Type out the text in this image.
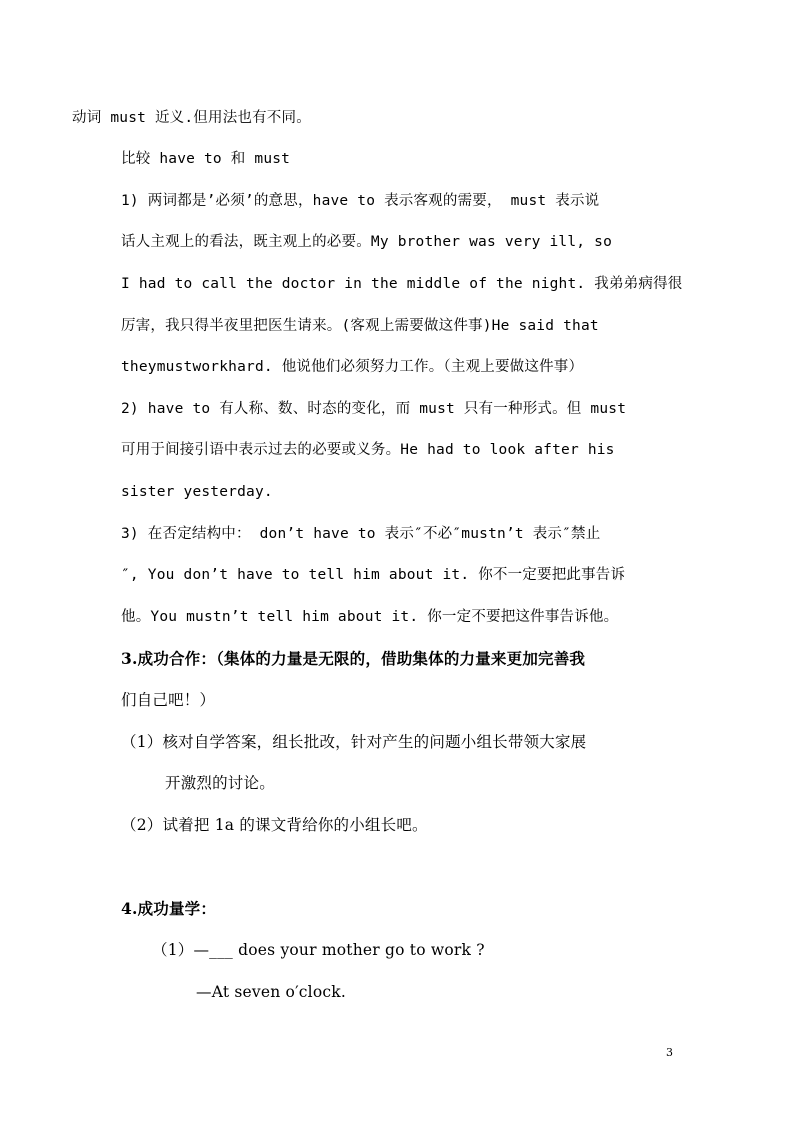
动词 must 近义.但用法也有不同。
比较 have to 和 must
1) 两词都是’必须’的意思，have to 表示客观的需要， must 表示说
话人主观上的看法，既主观上的必要。My brother was very ill, so
I had to call the doctor in the middle of the night. 我弟弟病得很
厉害，我只得半夜里把医生请来。(客观上需要做这件事)He said that
theymustworkhard. 他说他们必须努力工作。（主观上要做这件事）
2) have to 有人称、数、时态的变化，而 must 只有一种形式。但 must
可用于间接引语中表示过去的必要或义务。He had to look after his
sister yesterday.
3) 在否定结构中： don’t have to 表示″不必″mustn’t 表示″禁止
″, You don’t have to tell him about it. 你不一定要把此事告诉
他。You mustn’t tell him about it. 你一定不要把这件事告诉他。
3.成功合作：（集体的力量是无限的，借助集体的力量来更加完善我
们自己吧！）
（1）核对自学答案，组长批改，针对产生的问题小组长带领大家展
开激烈的讨论。
（2）试着把 1a 的课文背给你的小组长吧。
4.成功量学：
（1）—___ does your mother go to work ?
—At seven o′clock.
3
